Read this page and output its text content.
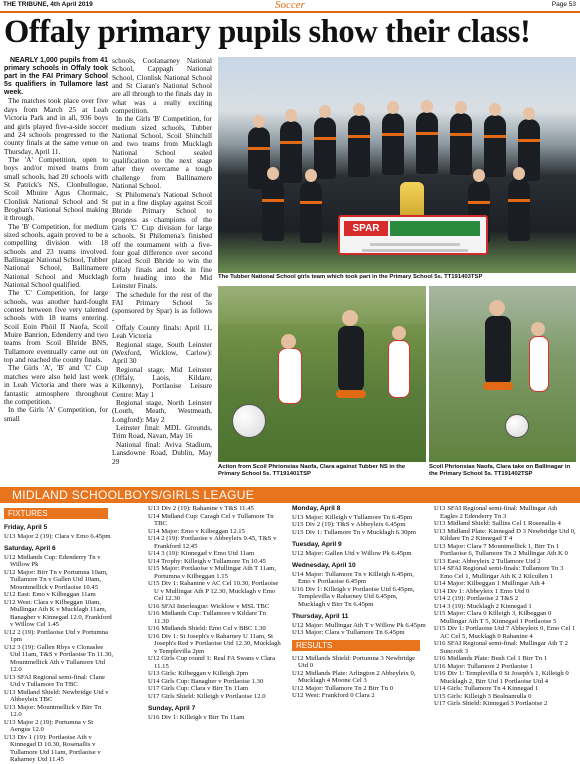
THE TRIBUNE, 4th April 2019	Soccer	Page 53
Offaly primary pupils show their class!

NEARLY 1,000 pupils from 41 primary schools in Offaly took part in the FAI Primary School 5s qualifiers in Tullamore last week.

The matches took place over five days from March 25 at Leah Victoria Park and in all, 936 boys and girls played five-a-side soccer and 24 schools progressed to the county finals at the same venue on Thursday, April 11.

The 'A' Competition, open to boys and/or mixed teams from small schools, had 20 schools with St Patrick's NS, Clonbullogue, Scoil Mhuire Agus Chormaic, Clonlisk National School and St Brogban's National School making it through.

The 'B' Competition, for medium sized schools, again proved to be a compelling division with 18 schools and 23 teams involved. Ballinagar National School, Tubber National School, Ballinamere National School and Mucklagh National School qualified.

The 'C' Competition, for large schools, was another hard-fought contest between five very talented schools with 18 teams entering. Scoil Eoin Phóil II Naofa, Scoil Muire Banrion, Edenderry and two teams from Scoil Bhride BNS, Tullamore eventually came out on top and reached the county finals.

The Girls 'A', 'B' and 'C' Cup matches were also held last week in Leah Victoria and there was a fantastic atmosphere throughout the competition.

In the Girls 'A' Competition, for small

schools, Coolanarney National School, Cappagh National School, Clonlisk National School and St Ciaran's National School are all through to the finals day in what was a really exciting competition.

In the Girls 'B' Competition, for medium sized schools, Tubber National School, Scoil Shinchill and two teams from Mucklagh National School sealed qualification to the next stage after they overcame a tough challenge from Ballinamere National School.

St Philomena's National School put in a fine display against Scoil Bhride Primary School to progress as champions of the Girls 'C' Cup division for large schools. St Philomena's finished off the tournament with a five-four goal difference over second placed Scoil Bhride to win the Offaly finals and look in fine form heading into the Mid Leinster Finals.

The schedule for the rest of the FAI Primary School 5s (sponsored by Spar) is as follows -

Offaly County finals: April 11, Leah Victoria

Regional stage, South Leinster (Wexford, Wicklow, Carlow): April 30

Regional stage, Mid Leinster (Offaly, Laois, Kildare, Kilkenny), Portlaoise Leisure Centre: May 1

Regional stage, North Leinster (Louth, Meath, Westmeath, Longford): May 2

Leinster final: MDL Grounds, Trim Road, Navan, May 16

National final: Aviva Stadium, Lansdowne Road, Dublin, May 29

SPAR
The Tubber National School girls team which took part in the Primary School 5s. TT191403TSP
Action from Scoil Phrionsias Naofa, Clara against Tubber NS in the Primary School 5s. TT191401TSP
Scoil Phrionsias Naofa, Clara take on Ballinagar in the Primary School 5s. TT191402TSP
MIDLAND SCHOOLBOYS/GIRLS LEAGUE
FIXTURES
Friday, April 5
U13 Major 2 (19): Clara v Emo 6.45pm
Saturday, April 6
U12 Midlands Cup: Edenderry Tn v Willow Pk
U12 Major: Birr Tn v Portumna 10am, Tullamore Tn v Gallen Utd 10am, Mountmellick v Portlaoise 10.45
U12 East: Emo v Kilbeggan 11am
U12 West: Clara v Kilbeggan 10am, Mullingar Ath K v Mucklagh 11am, Banagher v Kinnegad 12.0, Frankford v Willow Cel 1.45
U12 2 (19): Portlaoise Utd v Portumna 1pm
U12 3 (19): Gallen Rbys v Clonaslee Utd 11am, T&S v Portlaoise Tn 11.30, Mountmellick Ath v Tullamore Utd 12.0
U13 SFAI Regional semi-final: Clane Utd v Tullamore Tn TBC
U13 Midland Shield: Newbridge Utd v Abbeyleix TBC
U13 Major: Mountmellick v Birr Tn 12.0
U13 Major 2 (19): Portumna v St Aengus 12.0
U13 Div 1 (19): Portlaoise Ath v Kinnegad D 10.30, Rosenallis v Tullamore Utd 11am, Portlaoise v Raharney Utd 11.45
U13 Div 2 (19): Rahanine v T&S 11.45
U14 Midland Cup: Caragh Cel v Tullamore Tn TBC
U14 Major: Emo v Kilbeggan 12.15
U14 2 (19): Portlaoise v Abbeyleix 9.45, T&S v Frankford 12.45
U14 3 (19): Kinnegad v Emo Utd 11am
U14 Trophy: Killeigh v Tullamore Tn 10.45
U15 Major: Portlaoise v Mullingar Ath T 11am, Portumna v Kilbeggan 1.15
U15 Div 1: Rahanine v AC Cel 10.30, Portlaoise U v Mullingar Ath P 12.30, Mucklagh v Emo Cel 12.30
U16 SFAI Interleague: Wicklow v MSL TBC
U16 Midlands Cup: Tullamore v Kildare Tn 11.30
U16 Midlands Shield: Emo Cel v BBC 1.30
U16 Div 1: St Joseph's v Raharney U 11am, St Joseph's Red v Portlaoise Utd 12.30, Mucklagh v Templevilla 2pm
U12 Girls Cup round 1: Real FA Swans v Clara 11.15
U13 Girls: Kilbeggan v Killeigh 2pm
U14 Girls Cup: Banagher v Portlaoise 1.30
U17 Girls Cup: Clara v Birr Tn 11am
U17 Girls Shield: Killeigh v Portlaoise 12.0
Sunday, April 7
U16 Div 1: Killeigh v Birr Tn 11am
Monday, April 8
U13 Major: Killeigh v Tullamore Tn 6.45pm
U15 Div 2 (19): T&S v Abbeyleix 6.45pm
U15 Div 1: Tullamore Tn v Mucklagh 6.30pm
Tuesday, April 9
U12 Major: Gallen Utd v Willow Pk 6.45pm
Wednesday, April 10
U14 Major: Tullamore Tn v Killeigh 6.45pm, Emo v Portlaoise 6.45pm
U16 Div 1: Killeigh v Portlaoise Utd 6.45pm, Templevilla v Raharney Utd 6.45pm, Mucklagh v Birr Tn 6.45pm
Thursday, April 11
U12 Major: Mullingar Ath T v Willow Pk 6.45pm
U13 Major: Clara v Tullamore Tn 6.45pm
RESULTS
U12 Midlands Shield: Portumna 3 Newbridge Utd 0
U12 Midlands Plate: Arlington 2 Abbeyleix 0, Mucklagh 4 Moone Cel 3
U12 Major: Tullamore Tn 2 Birr Tn 0
U12 West: Frankford 0 Clara 2
U13 SFAI Regional semi-final: Mullingar Ath Eagles 2 Edenderry Tn 3
U13 Midland Shield: Sallins Cel 1 Rosenallis 4
U13 Midland Plate: Kinnegad D 3 Newbridge Utd 0, Kildare Tn 2 Kinnegad T 4
U13 Major: Clara 7 Mountmellick 1, Birr Tn 1 Portlaoise 6, Tullamore Tn 2 Mullingar Ath K 0
U13 East: Abbeyleix 2 Tullamore Utd 2
U14 SFAI Regional semi-finals: Tullamore Tn 3 Emo Cel 1, Mullingar Ath K 2 Kilcullen 1
U14 Major: Kilbeggan 1 Mullingar Ath 4
U14 Div 1: Abbeyleix 1 Emo Utd 0
U14 2 (19): Portlaoise 2 T&S 2
U14 3 (19): Mucklagh 2 Kinnegad 1
U15 Major: Clara 0 Killeigh 3, Kilbeggan 0 Mullingar Ath T 5, Kinnegad 1 Portlaoise 5
U15 Div 1: Portlaoise Utd 7 Abbeyleix 0, Emo Cel 1 AC Cel 5, Mucklagh 0 Rahanine 4
U16 SFAI Regional semi-final: Mullingar Ath T 2 Suncroft 3
U16 Midlands Plate: Bush Cel 1 Birr Tn 1
U16 Major: Tullamore 2 Portlaoise 1
U16 Div 1: Templevilla 0 St Joseph's 1, Killeigh 0 Mucklagh 2, Birr Utd 1 Portlaoise Utd 4
U14 Girls: Tullamore Tn 4 Kinnegad 1
U15 Girls: Killeigh 3 Bealnamulla 0
U17 Girls Shield: Kinnegad 3 Portlaoise 2
